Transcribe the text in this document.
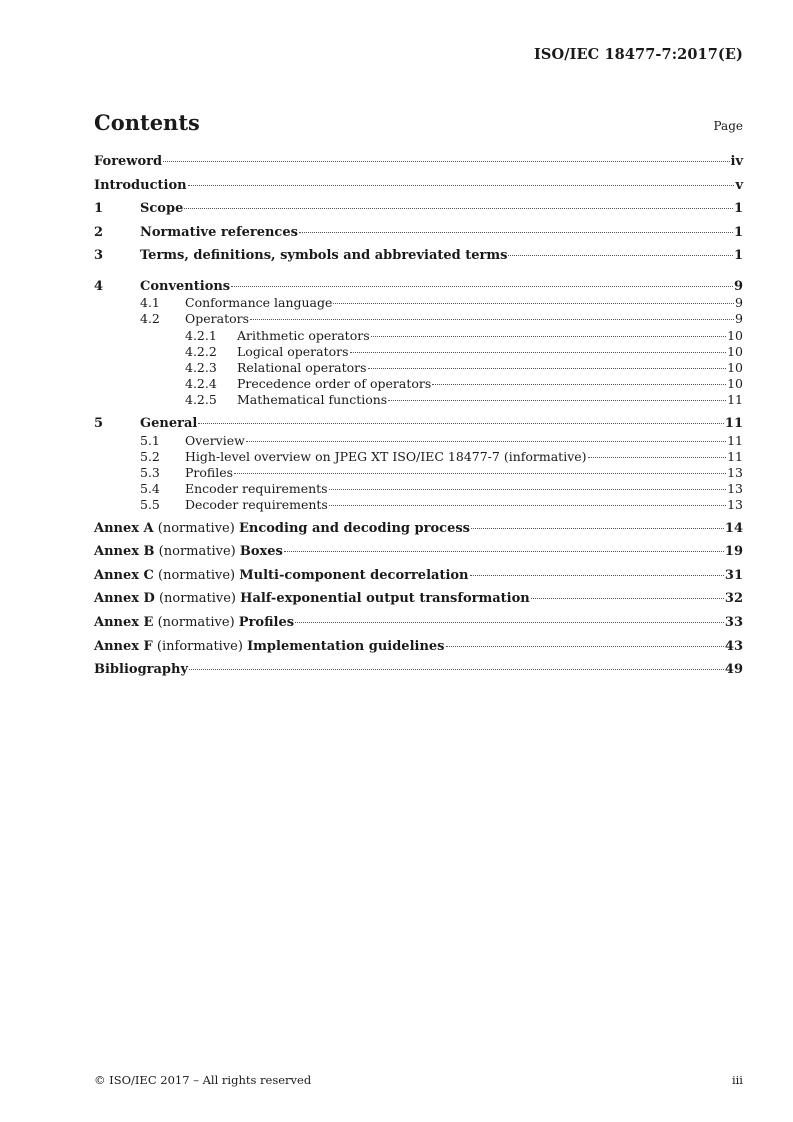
ISO/IEC 18477-7:2017(E)
Contents	Page
Foreword	iv
Introduction	v
1	Scope	1
2	Normative references	1
3	Terms, definitions, symbols and abbreviated terms	1
4	Conventions	9
4.1	Conformance language	9
4.2	Operators	9
4.2.1	Arithmetic operators	10
4.2.2	Logical operators	10
4.2.3	Relational operators	10
4.2.4	Precedence order of operators	10
4.2.5	Mathematical functions	11
5	General	11
5.1	Overview	11
5.2	High-level overview on JPEG XT ISO/IEC 18477-7 (informative)	11
5.3	Profiles	13
5.4	Encoder requirements	13
5.5	Decoder requirements	13
Annex A (normative) Encoding and decoding process	14
Annex B (normative) Boxes	19
Annex C (normative) Multi-component decorrelation	31
Annex D (normative) Half-exponential output transformation	32
Annex E (normative) Profiles	33
Annex F (informative) Implementation guidelines	43
Bibliography	49
© ISO/IEC 2017 – All rights reserved	iii
